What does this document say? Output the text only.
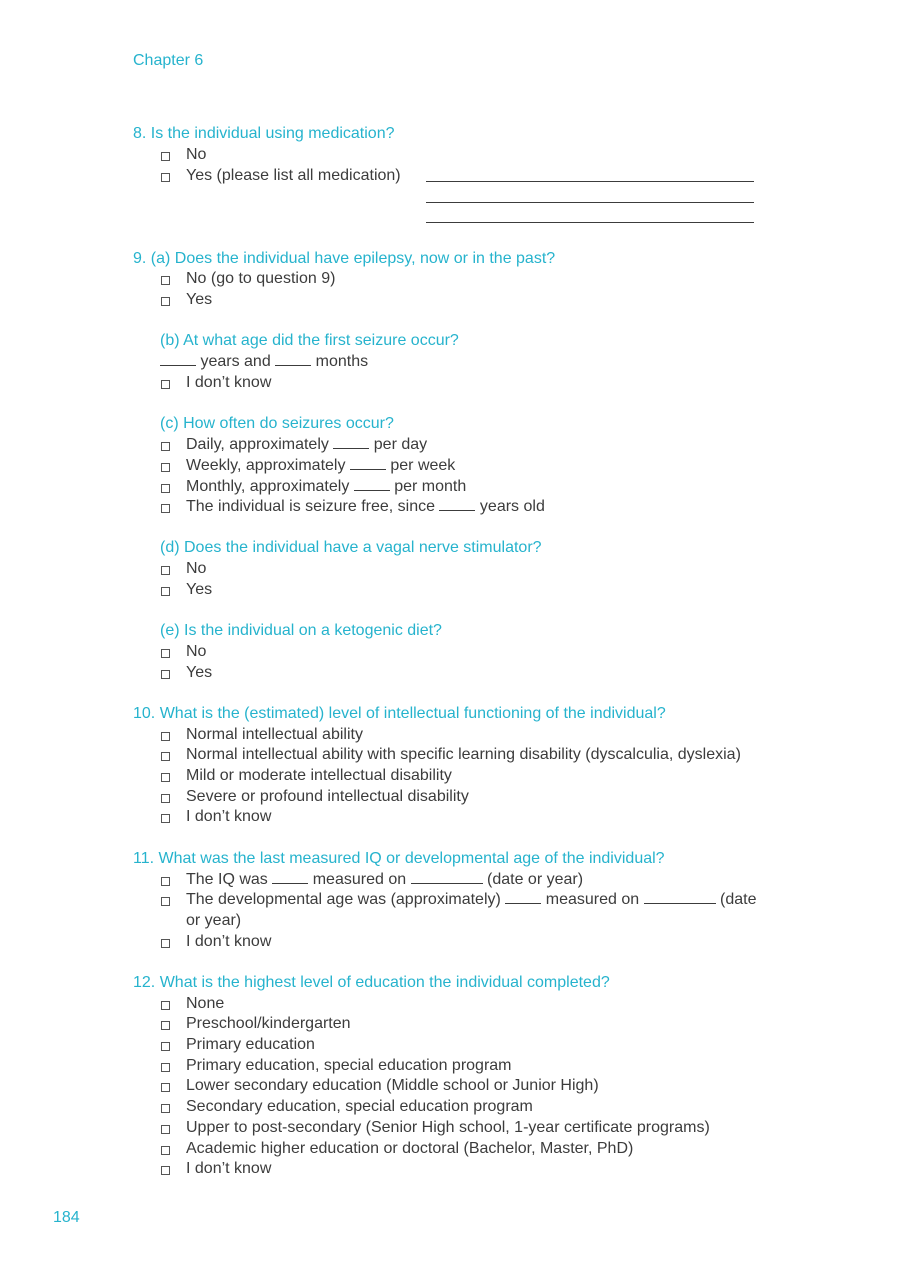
Chapter 6
184
8. Is the individual using medication?
No
Yes (please list all medication)
9. (a) Does the individual have epilepsy, now or in the past?
No (go to question 9)
Yes
(b) At what age did the first seizure occur?
years and	months
I don’t know
(c) How often do seizures occur?
Daily, approximately	per day
Weekly, approximately	per week
Monthly, approximately	per month
The individual is seizure free, since	years old
(d) Does the individual have a vagal nerve stimulator?
No
Yes
(e) Is the individual on a ketogenic diet?
No
Yes
10. What is the (estimated) level of intellectual functioning of the individual?
Normal intellectual ability
Normal intellectual ability with specific learning disability (dyscalculia, dyslexia)
Mild or moderate intellectual disability
Severe or profound intellectual disability
I don’t know
11. What was the last measured IQ or developmental age of the individual?
The IQ was	measured on	(date or year)
The developmental age was (approximately)	measured on	(date
or year)
I don’t know
12. What is the highest level of education the individual completed?
None
Preschool/kindergarten
Primary education
Primary education, special education program
Lower secondary education (Middle school or Junior High)
Secondary education, special education program
Upper to post-secondary (Senior High school, 1-year certificate programs)
Academic higher education or doctoral (Bachelor, Master, PhD)
I don’t know
